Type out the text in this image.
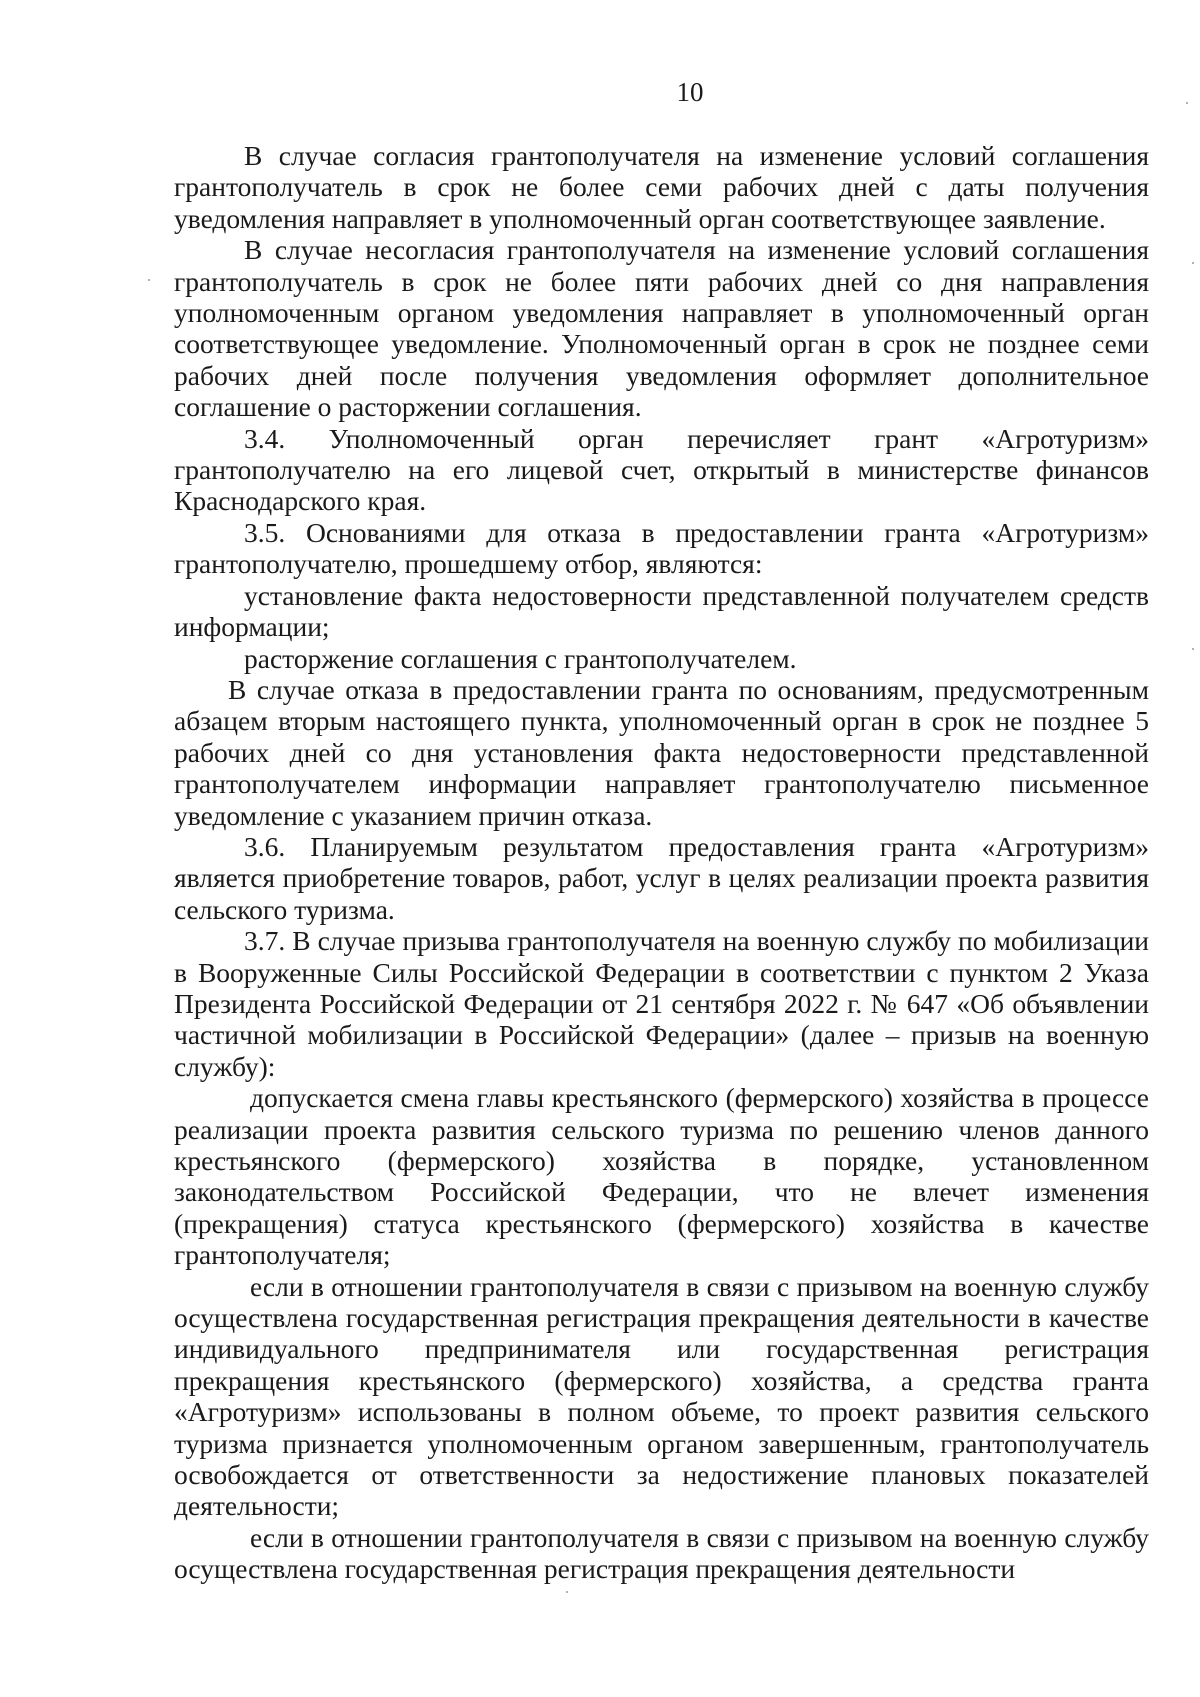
10

В случае согласия грантополучателя на изменение условий соглашения грантополучатель в срок не более семи рабочих дней с даты получения уведомления направляет в уполномоченный орган соответствующее заявление.

В случае несогласия грантополучателя на изменение условий соглашения грантополучатель в срок не более пяти рабочих дней со дня направления уполномоченным органом уведомления направляет в уполномоченный орган соответствующее уведомление. Уполномоченный орган в срок не позднее семи рабочих дней после получения уведомления оформляет дополнительное соглашение о расторжении соглашения.

3.4. Уполномоченный орган перечисляет грант «Агротуризм» грантополучателю на его лицевой счет, открытый в министерстве финансов Краснодарского края.

3.5. Основаниями для отказа в предоставлении гранта «Агротуризм» грантополучателю, прошедшему отбор, являются:

установление факта недостоверности представленной получателем средств информации;

расторжение соглашения с грантополучателем.

В случае отказа в предоставлении гранта по основаниям, предусмотренным абзацем вторым настоящего пункта, уполномоченный орган в срок не позднее 5 рабочих дней со дня установления факта недостоверности представленной грантополучателем информации направляет грантополучателю письменное уведомление с указанием причин отказа.

3.6. Планируемым результатом предоставления гранта «Агротуризм» является приобретение товаров, работ, услуг в целях реализации проекта развития сельского туризма.

3.7. В случае призыва грантополучателя на военную службу по мобилизации в Вооруженные Силы Российской Федерации в соответствии с пунктом 2 Указа Президента Российской Федерации от 21 сентября 2022 г. № 647 «Об объявлении частичной мобилизации в Российской Федерации» (далее – призыв на военную службу):

допускается смена главы крестьянского (фермерского) хозяйства в процессе реализации проекта развития сельского туризма по решению членов данного крестьянского (фермерского) хозяйства в порядке, установленном законодательством Российской Федерации, что не влечет изменения (прекращения) статуса крестьянского (фермерского) хозяйства в качестве грантополучателя;

если в отношении грантополучателя в связи с призывом на военную службу осуществлена государственная регистрация прекращения деятельности в качестве индивидуального предпринимателя или государственная регистрация прекращения крестьянского (фермерского) хозяйства, а средства гранта «Агротуризм» использованы в полном объеме, то проект развития сельского туризма признается уполномоченным органом завершенным, грантополучатель освобождается от ответственности за недостижение плановых показателей деятельности;

если в отношении грантополучателя в связи с призывом на военную службу осуществлена государственная регистрация прекращения деятельности
